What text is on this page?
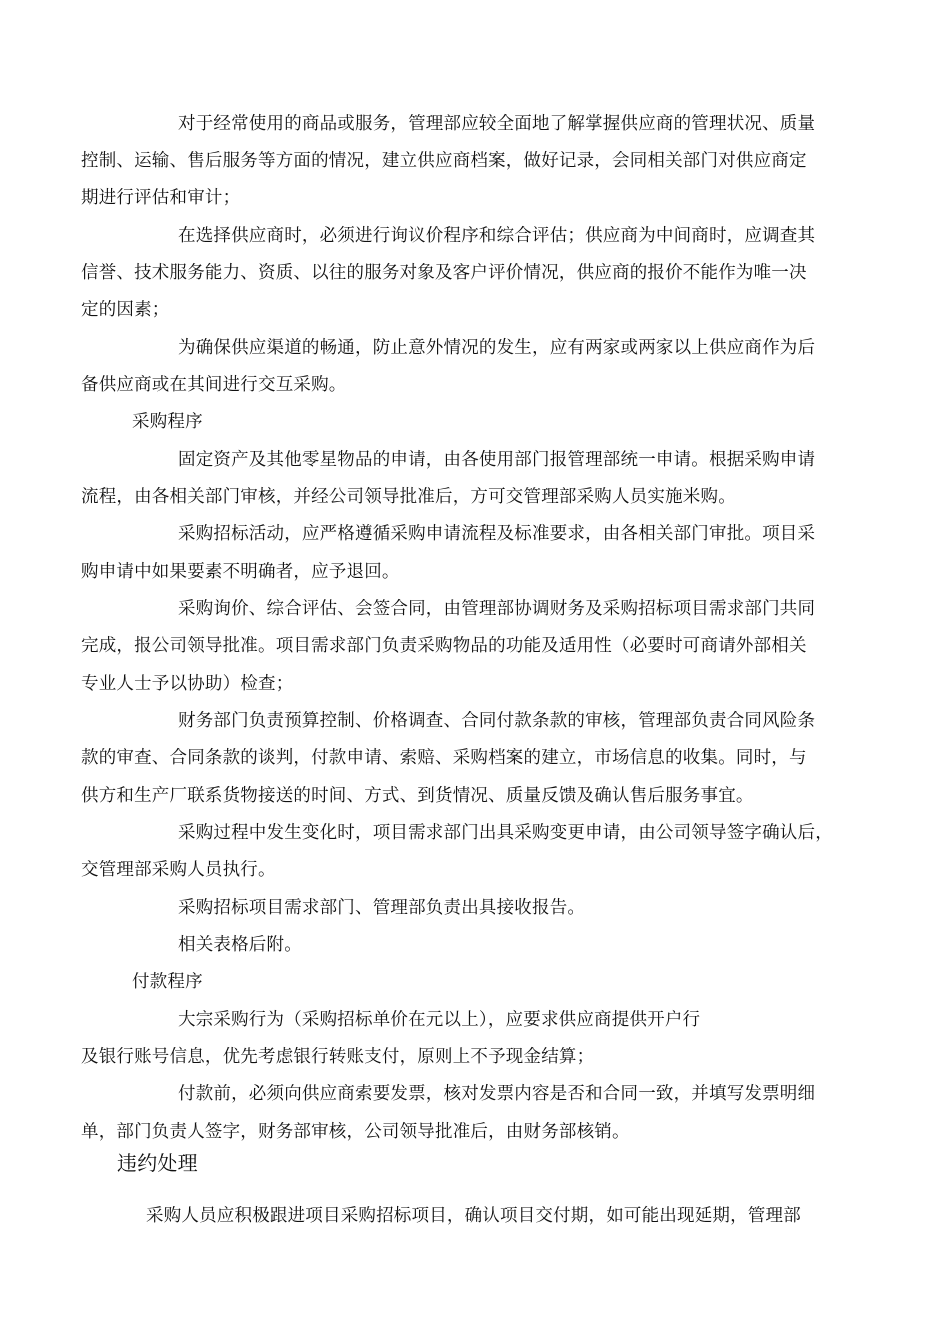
对于经常使用的商品或服务，管理部应较全面地了解掌握供应商的管理状况、质量
控制、运输、售后服务等方面的情况，建立供应商档案，做好记录，会同相关部门对供应商定
期进行评估和审计；
在选择供应商时，必须进行询议价程序和综合评估；供应商为中间商时，应调查其
信誉、技术服务能力、资质、以往的服务对象及客户评价情况，供应商的报价不能作为唯一决
定的因素；
为确保供应渠道的畅通，防止意外情况的发生，应有两家或两家以上供应商作为后
备供应商或在其间进行交互采购。
采购程序
固定资产及其他零星物品的申请，由各使用部门报管理部统一申请。根据采购申请
流程，由各相关部门审核，并经公司领导批准后，方可交管理部采购人员实施米购。
采购招标活动，应严格遵循采购申请流程及标准要求，由各相关部门审批。项目采
购申请中如果要素不明确者，应予退回。
采购询价、综合评估、会签合同，由管理部协调财务及采购招标项目需求部门共同
完成，报公司领导批准。项目需求部门负责采购物品的功能及适用性（必要时可商请外部相关
专业人士予以协助）检查；
财务部门负责预算控制、价格调查、合同付款条款的审核，管理部负责合同风险条
款的审查、合同条款的谈判，付款申请、索赔、采购档案的建立，市场信息的收集。同时，与
供方和生产厂联系货物接送的时间、方式、到货情况、质量反馈及确认售后服务事宜。
采购过程中发生变化时，项目需求部门出具采购变更申请，由公司领导签字确认后，
交管理部采购人员执行。
采购招标项目需求部门、管理部负责出具接收报告。
相关表格后附。
付款程序
大宗采购行为（采购招标单价在元以上），应要求供应商提供开户行
及银行账号信息，优先考虑银行转账支付，原则上不予现金结算；
付款前，必须向供应商索要发票，核对发票内容是否和合同一致，并填写发票明细
单，部门负责人签字，财务部审核，公司领导批准后，由财务部核销。
违约处理
采购人员应积极跟进项目采购招标项目，确认项目交付期，如可能出现延期，管理部
